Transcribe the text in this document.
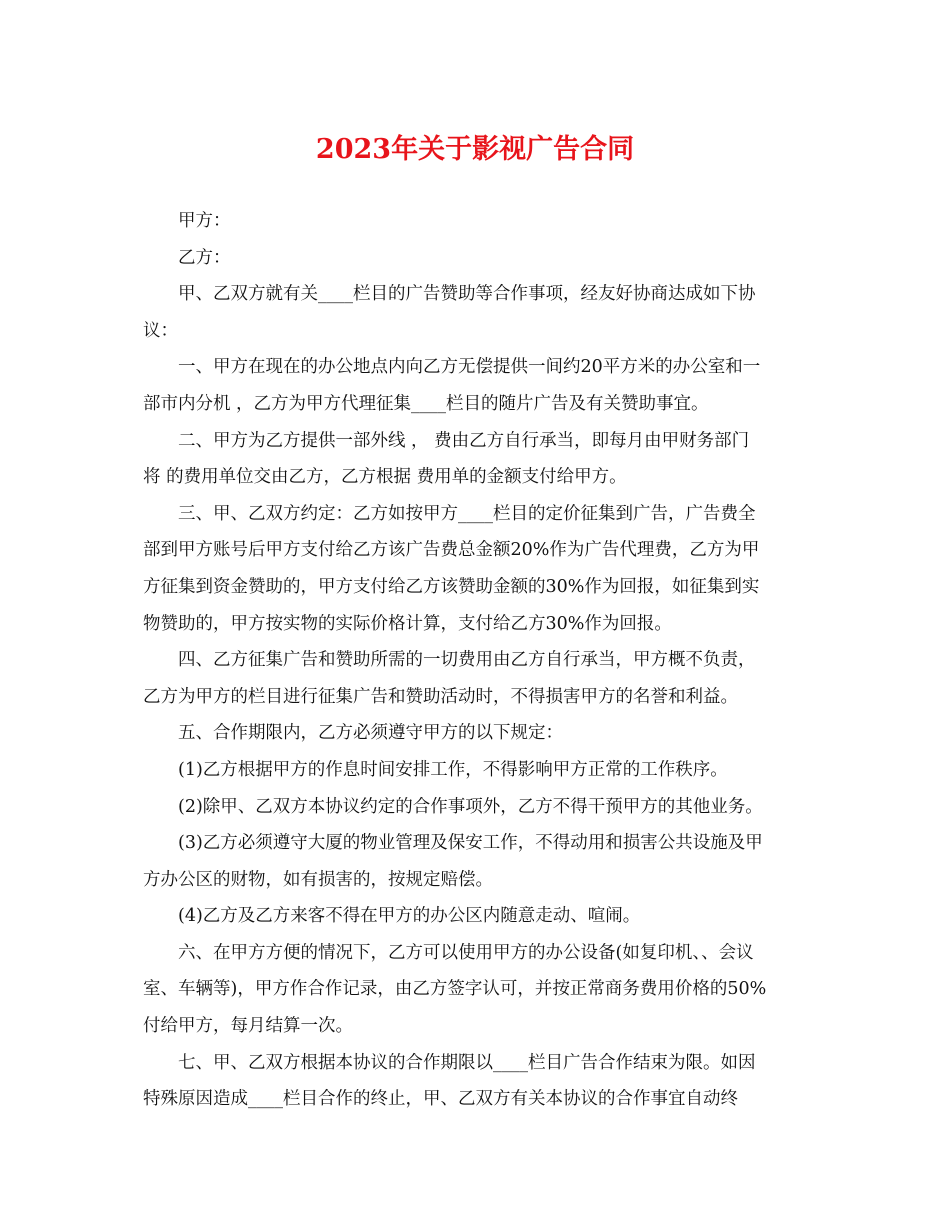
2023年关于影视广告合同
甲方：
乙方：
甲、乙双方就有关____栏目的广告赞助等合作事项，经友好协商达成如下协
议：
一、甲方在现在的办公地点内向乙方无偿提供一间约20平方米的办公室和一
部市内分机 ，乙方为甲方代理征集____栏目的随片广告及有关赞助事宜。
二、甲方为乙方提供一部外线 ， 费由乙方自行承当，即每月由甲财务部门
将 的费用单位交由乙方，乙方根据 费用单的金额支付给甲方。
三、甲、乙双方约定：乙方如按甲方____栏目的定价征集到广告，广告费全
部到甲方账号后甲方支付给乙方该广告费总金额20%作为广告代理费，乙方为甲
方征集到资金赞助的，甲方支付给乙方该赞助金额的30%作为回报，如征集到实
物赞助的，甲方按实物的实际价格计算，支付给乙方30%作为回报。
四、乙方征集广告和赞助所需的一切费用由乙方自行承当，甲方概不负责，
乙方为甲方的栏目进行征集广告和赞助活动时，不得损害甲方的名誉和利益。
五、合作期限内，乙方必须遵守甲方的以下规定：
(1)乙方根据甲方的作息时间安排工作，不得影响甲方正常的工作秩序。
(2)除甲、乙双方本协议约定的合作事项外，乙方不得干预甲方的其他业务。
(3)乙方必须遵守大厦的物业管理及保安工作，不得动用和损害公共设施及甲
方办公区的财物，如有损害的，按规定赔偿。
(4)乙方及乙方来客不得在甲方的办公区内随意走动、喧闹。
六、在甲方方便的情况下，乙方可以使用甲方的办公设备(如复印机、、会议
室、车辆等)，甲方作合作记录，由乙方签字认可，并按正常商务费用价格的50%
付给甲方，每月结算一次。
七、甲、乙双方根据本协议的合作期限以____栏目广告合作结束为限。如因
特殊原因造成____栏目合作的终止，甲、乙双方有关本协议的合作事宜自动终
